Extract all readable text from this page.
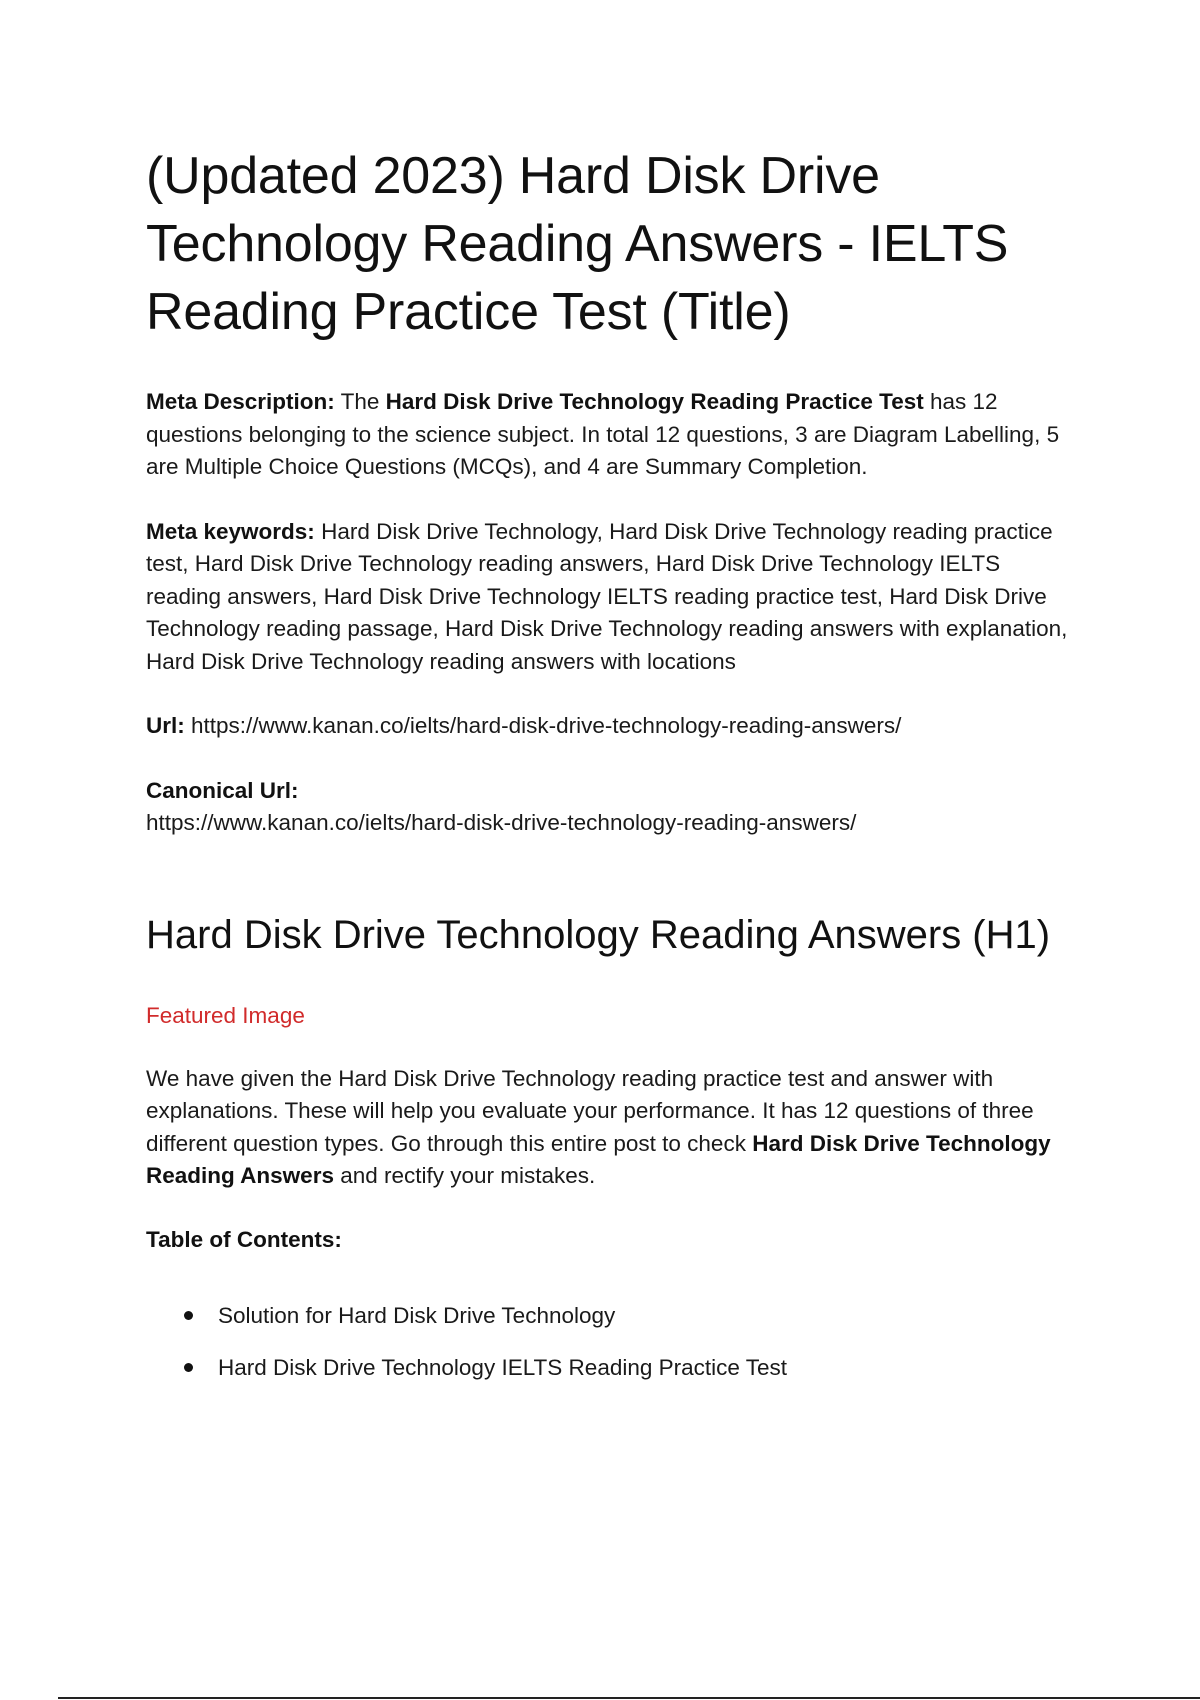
(Updated 2023) Hard Disk Drive Technology Reading Answers - IELTS Reading Practice Test (Title)

Meta Description: The Hard Disk Drive Technology Reading Practice Test has 12 questions belonging to the science subject. In total 12 questions, 3 are Diagram Labelling, 5 are Multiple Choice Questions (MCQs), and 4 are Summary Completion.

Meta keywords: Hard Disk Drive Technology, Hard Disk Drive Technology reading practice test, Hard Disk Drive Technology reading answers, Hard Disk Drive Technology IELTS reading answers, Hard Disk Drive Technology IELTS reading practice test, Hard Disk Drive Technology reading passage, Hard Disk Drive Technology reading answers with explanation, Hard Disk Drive Technology reading answers with locations

Url: https://www.kanan.co/ielts/hard-disk-drive-technology-reading-answers/

Canonical Url:
https://www.kanan.co/ielts/hard-disk-drive-technology-reading-answers/

Hard Disk Drive Technology Reading Answers (H1)
Featured Image

We have given the Hard Disk Drive Technology reading practice test and answer with explanations. These will help you evaluate your performance. It has 12 questions of three different question types. Go through this entire post to check Hard Disk Drive Technology Reading Answers and rectify your mistakes.

Table of Contents:

Solution for Hard Disk Drive Technology
Hard Disk Drive Technology IELTS Reading Practice Test
